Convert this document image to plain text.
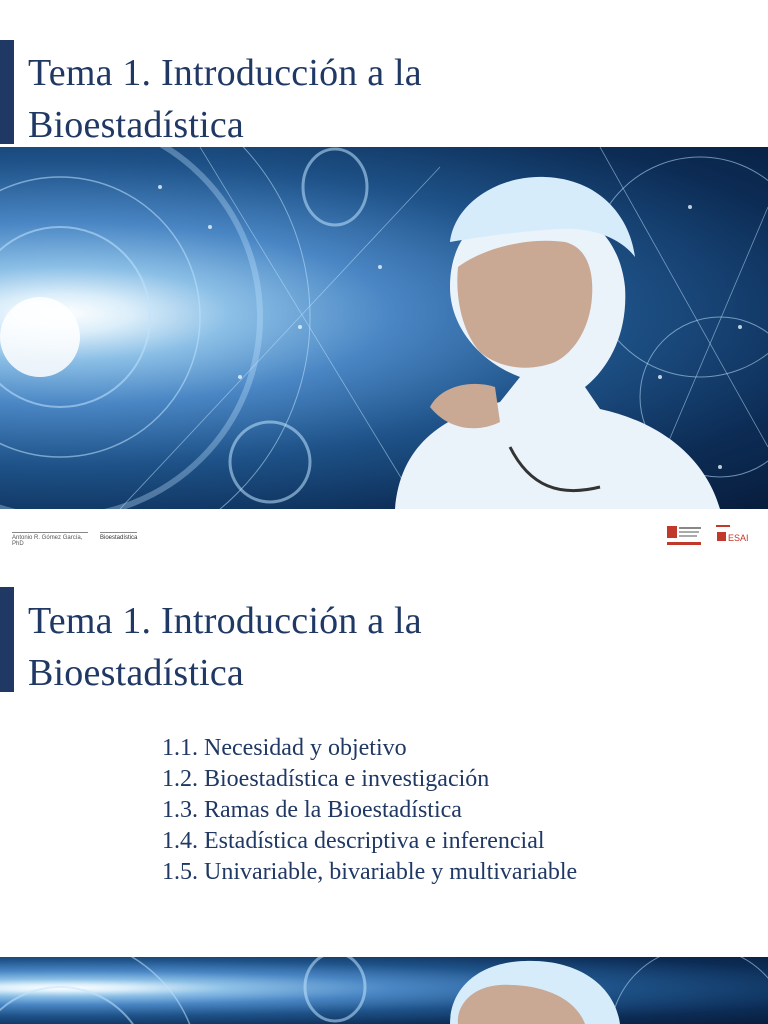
Tema 1. Introducción a la
Bioestadística
Antonio R. Gómez García, PhD
Bioestadística	ESAI
Tema 1. Introducción a la
Bioestadística
1.1. Necesidad y objetivo
1.2. Bioestadística e investigación
1.3. Ramas de la Bioestadística
1.4. Estadística descriptiva e inferencial
1.5. Univariable, bivariable y multivariable
